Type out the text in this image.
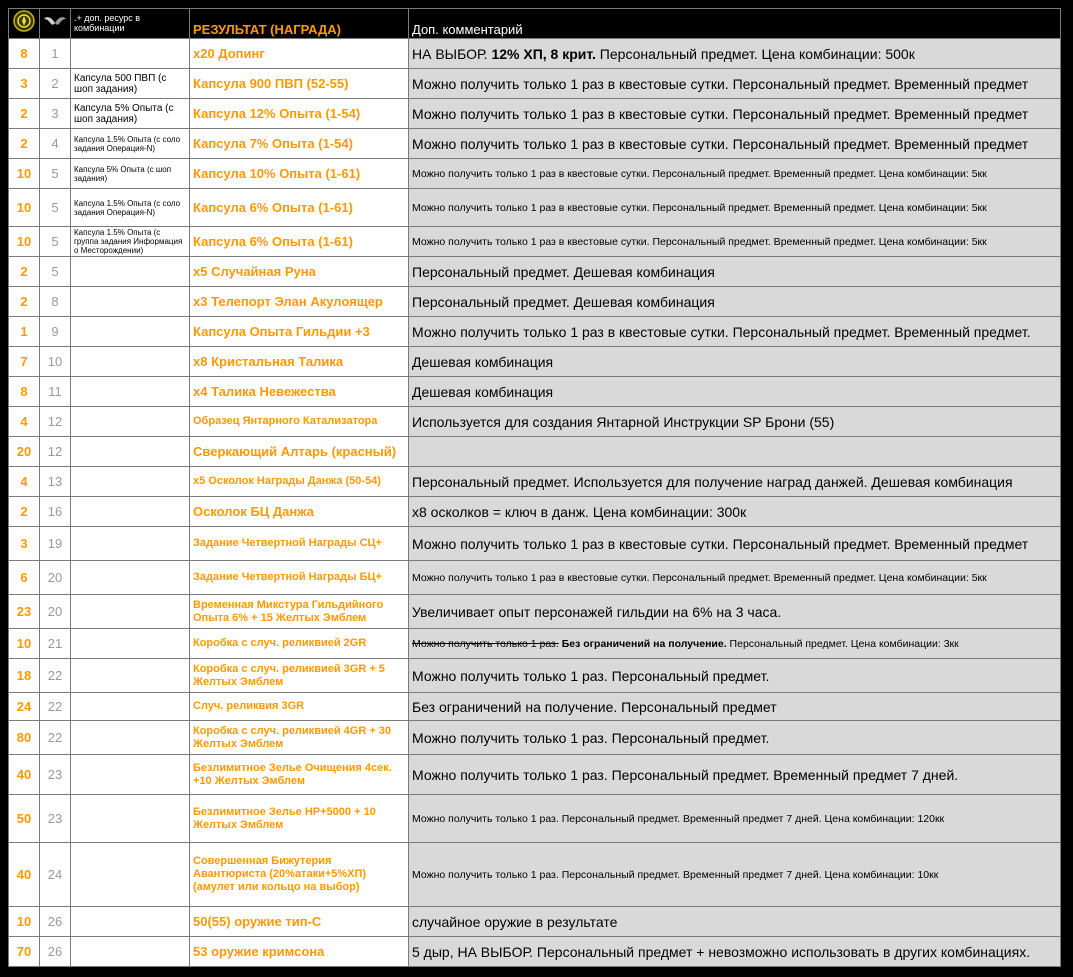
		.+ доп. ресурс в комбинации	РЕЗУЛЬТАТ (НАГРАДА)	Доп. комментарий
8	1		x20 Допинг	НА ВЫБОР. 12% ХП, 8 крит. Персональный предмет. Цена комбинации: 500к
3	2	Капсула 500 ПВП (с шоп задания)	Капсула 900 ПВП (52-55)	Можно получить только 1 раз в квестовые сутки. Персональный предмет. Временный предмет
2	3	Капсула 5% Опыта (с шоп задания)	Капсула 12% Опыта (1-54)	Можно получить только 1 раз в квестовые сутки. Персональный предмет. Временный предмет
2	4	Капсула 1.5% Опыта (с соло задания Операция-N)	Капсула 7% Опыта (1-54)	Можно получить только 1 раз в квестовые сутки. Персональный предмет. Временный предмет
10	5	Капсула 5% Опыта (с шоп задания)	Капсула 10% Опыта (1-61)	Можно получить только 1 раз в квестовые сутки. Персональный предмет. Временный предмет. Цена комбинации: 5кк
10	5	Капсула 1.5% Опыта (с соло задания Операция-N)	Капсула 6% Опыта (1-61)	Можно получить только 1 раз в квестовые сутки. Персональный предмет. Временный предмет. Цена комбинации: 5кк
10	5	Капсула 1.5% Опыта (с группа задания Информация о Месторождении)	Капсула 6% Опыта (1-61)	Можно получить только 1 раз в квестовые сутки. Персональный предмет. Временный предмет. Цена комбинации: 5кк
2	5		x5 Случайная Руна	Персональный предмет. Дешевая комбинация
2	8		x3 Телепорт Элан Акулоящер	Персональный предмет. Дешевая комбинация
1	9		Капсула Опыта Гильдии +3	Можно получить только 1 раз в квестовые сутки. Персональный предмет. Временный предмет.
7	10		x8 Кристальная Талика	Дешевая комбинация
8	11		x4 Талика Невежества	Дешевая комбинация
4	12		Образец Янтарного Катализатора	Используется для создания Янтарной Инструкции SP Брони (55)
20	12		Сверкающий Алтарь (красный)	
4	13		x5 Осколок Награды Данжа (50-54)	Персональный предмет. Используется для получение наград данжей. Дешевая комбинация
2	16		Осколок БЦ Данжа	x8 осколков = ключ в данж. Цена комбинации: 300к
3	19		Задание Четвертной Награды СЦ+	Можно получить только 1 раз в квестовые сутки. Персональный предмет. Временный предмет
6	20		Задание Четвертной Награды БЦ+	Можно получить только 1 раз в квестовые сутки. Персональный предмет. Временный предмет. Цена комбинации: 5кк
23	20		Временная Микстура Гильдийного Опыта 6% + 15 Желтых Эмблем	Увеличивает опыт персонажей гильдии на 6% на 3 часа.
10	21		Коробка с случ. реликвией 2GR	Можно получить только 1 раз. Без ограничений на получение. Персональный предмет. Цена комбинации: 3кк
18	22		Коробка с случ. реликвией 3GR + 5 Желтых Эмблем	Можно получить только 1 раз. Персональный предмет.
24	22		Случ. реликвия 3GR	Без ограничений на получение. Персональный предмет
80	22		Коробка с случ. реликвией 4GR + 30 Желтых Эмблем	Можно получить только 1 раз. Персональный предмет.
40	23		Безлимитное Зелье Очищения 4сек. +10 Желтых Эмблем	Можно получить только 1 раз. Персональный предмет. Временный предмет 7 дней.
50	23		Безлимитное Зелье HP+5000 + 10 Желтых Эмблем	Можно получить только 1 раз. Персональный предмет. Временный предмет 7 дней. Цена комбинации: 120кк
40	24		Совершенная Бижутерия Авантюриста (20%атаки+5%ХП)(амулет или кольцо на выбор)	Можно получить только 1 раз. Персональный предмет. Временный предмет 7 дней. Цена комбинации: 10кк
10	26		50(55) оружие тип-С	случайное оружие в результате
70	26		53 оружие кримсона	5 дыр, НА ВЫБОР. Персональный предмет + невозможно использовать в других комбинациях.
